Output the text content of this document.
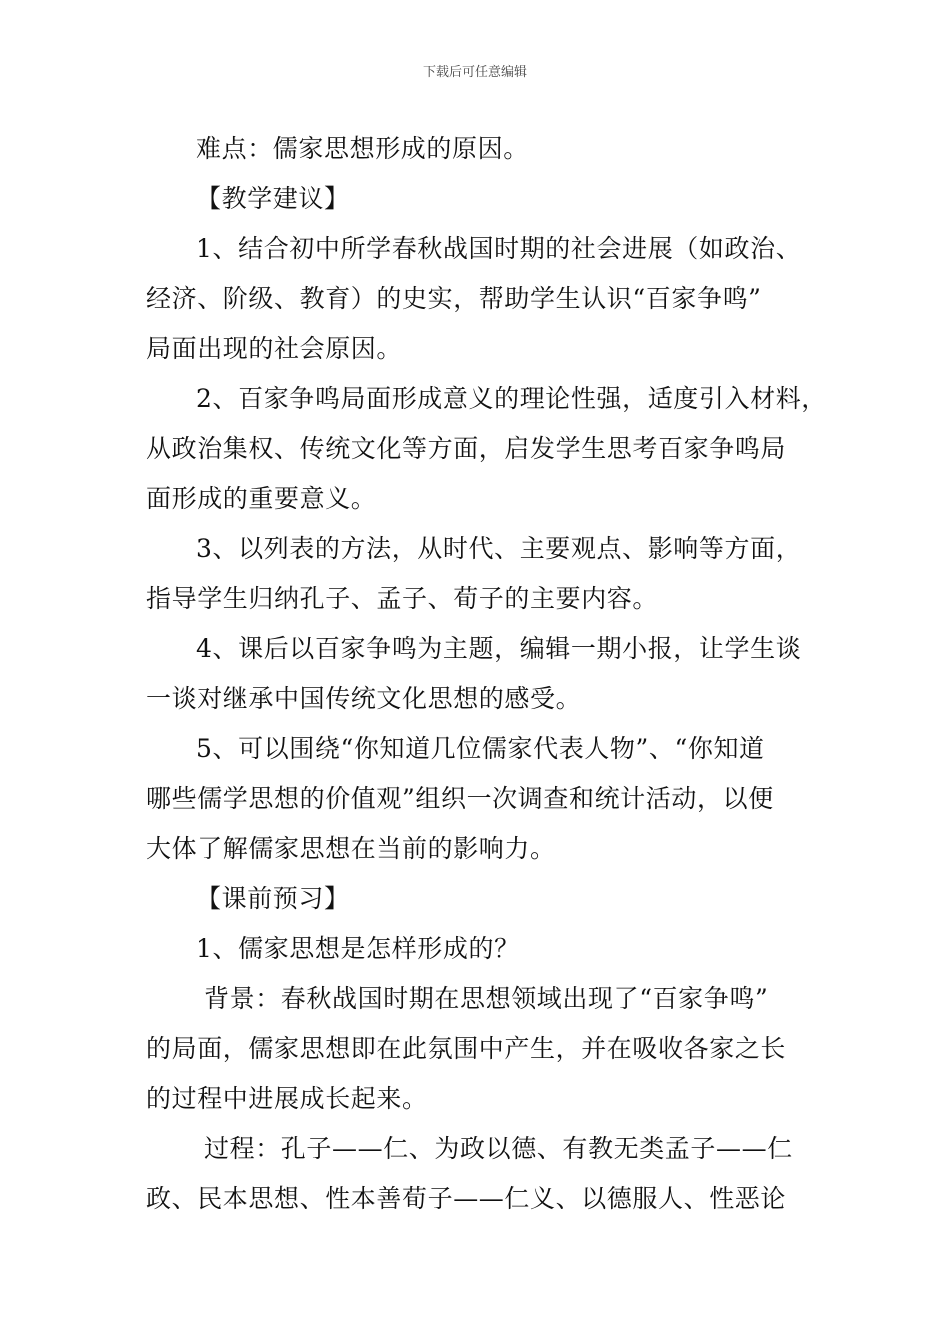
下载后可任意编辑
难点：儒家思想形成的原因。
【教学建议】
1、结合初中所学春秋战国时期的社会进展（如政治、
经济、阶级、教育）的史实，帮助学生认识“百家争鸣”
局面出现的社会原因。
2、百家争鸣局面形成意义的理论性强，适度引入材料，
从政治集权、传统文化等方面，启发学生思考百家争鸣局
面形成的重要意义。
3、以列表的方法，从时代、主要观点、影响等方面，
指导学生归纳孔子、孟子、荀子的主要内容。
4、课后以百家争鸣为主题，编辑一期小报，让学生谈
一谈对继承中国传统文化思想的感受。
5、可以围绕“你知道几位儒家代表人物”、“你知道
哪些儒学思想的价值观”组织一次调查和统计活动，以便
大体了解儒家思想在当前的影响力。
【课前预习】
1、儒家思想是怎样形成的？
背景：春秋战国时期在思想领域出现了“百家争鸣”
的局面，儒家思想即在此氛围中产生，并在吸收各家之长
的过程中进展成长起来。
过程：孔子——仁、为政以德、有教无类孟子——仁
政、民本思想、性本善荀子——仁义、以德服人、性恶论
